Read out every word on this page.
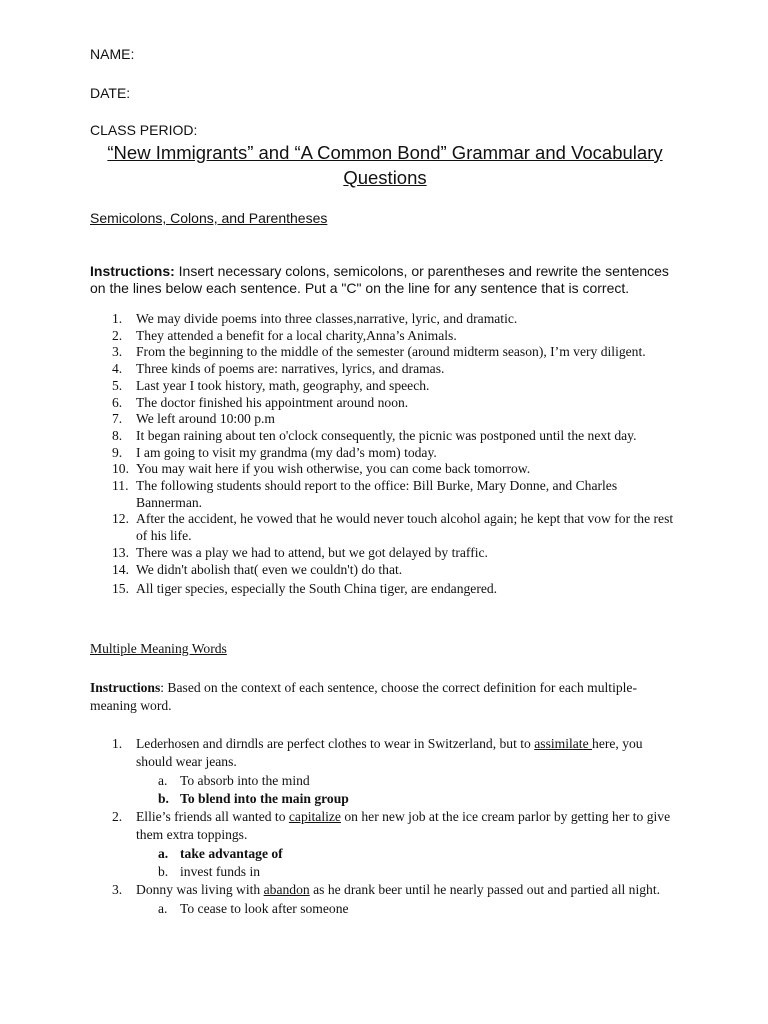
NAME:
DATE:
CLASS PERIOD:
“New Immigrants” and “A Common Bond” Grammar and Vocabulary Questions
Semicolons, Colons, and Parentheses
Instructions: Insert necessary colons, semicolons, or parentheses and rewrite the sentences on the lines below each sentence. Put a "C" on the line for any sentence that is correct.
1.	We may divide poems into three classes,narrative, lyric, and dramatic.
2.	They attended a benefit for a local charity,Anna’s Animals.
3.	From the beginning to the middle of the semester (around midterm season), I’m very diligent.
4.	Three kinds of poems are: narratives, lyrics, and dramas.
5.	Last year I took history, math, geography, and speech.
6.	The doctor finished his appointment around noon.
7.	We left around 10:00 p.m
8.	It began raining about ten o'clock consequently, the picnic was postponed until the next day.
9.	I am going to visit my grandma (my dad’s mom) today.
10. You may wait here if you wish otherwise, you can come back tomorrow.
11. The following students should report to the office: Bill Burke, Mary Donne, and Charles Bannerman.
12. After the accident, he vowed that he would never touch alcohol again; he kept that vow for the rest of his life.
13. There was a play we had to attend, but we got delayed by traffic.
14. We didn't abolish that( even we couldn't) do that.
15. All tiger species, especially the South China tiger, are endangered.
Multiple Meaning Words
Instructions: Based on the context of each sentence, choose the correct definition for each multiple-meaning word.
1.	Lederhosen and dirndls are perfect clothes to wear in Switzerland, but to assimilate here, you should wear jeans.
a. To absorb into the mind
b. To blend into the main group
2.	Ellie’s friends all wanted to capitalize on her new job at the ice cream parlor by getting her to give them extra toppings.
a. take advantage of
b. invest funds in
3.	Donny was living with abandon as he drank beer until he nearly passed out and partied all night.
a. To cease to look after someone
